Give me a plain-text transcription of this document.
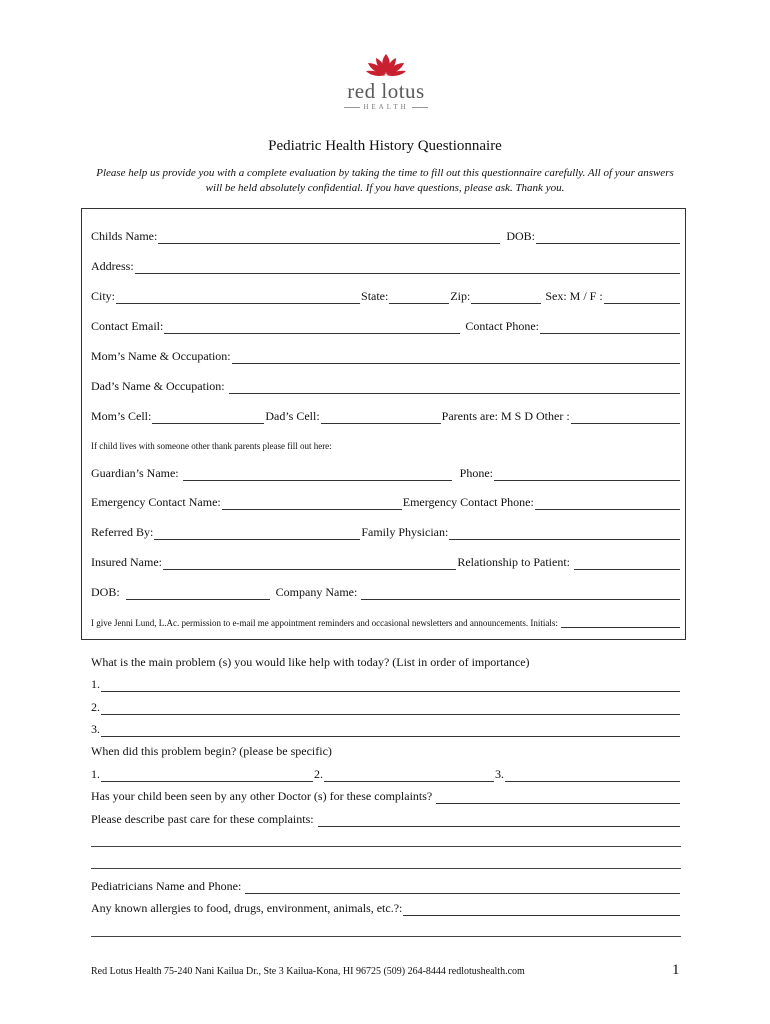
red lotus
HEALTH
Pediatric Health History Questionnaire
Please help us provide you with a complete evaluation by taking the time to fill out this questionnaire carefully. All of your answers will be held absolutely confidential. If you have questions, please ask. Thank you.
Childs Name:	DOB:
Address:
City:	State:	Zip:	Sex: M / F :
Contact Email:	Contact Phone:
Mom’s Name & Occupation:
Dad’s Name & Occupation:
Mom’s Cell:	Dad’s Cell:	Parents are: M S D Other :
If child lives with someone other thank parents please fill out here:
Guardian’s Name:	Phone:
Emergency Contact Name:	Emergency Contact Phone:
Referred By:	Family Physician:
Insured Name:	Relationship to Patient:
DOB:	Company Name:
I give Jenni Lund, L.Ac. permission to e-mail me appointment reminders and occasional newsletters and announcements. Initials:
What is the main problem (s) you would like help with today? (List in order of importance)
1.
2.
3.
When did this problem begin? (please be specific)
1.	2.	3.
Has your child been seen by any other Doctor (s) for these complaints?
Please describe past care for these complaints:
Pediatricians Name and Phone:
Any known allergies to food, drugs, environment, animals, etc.?:
Red Lotus Health 75-240 Nani Kailua Dr., Ste 3 Kailua-Kona, HI 96725 (509) 264-8444 redlotushealth.com	1
